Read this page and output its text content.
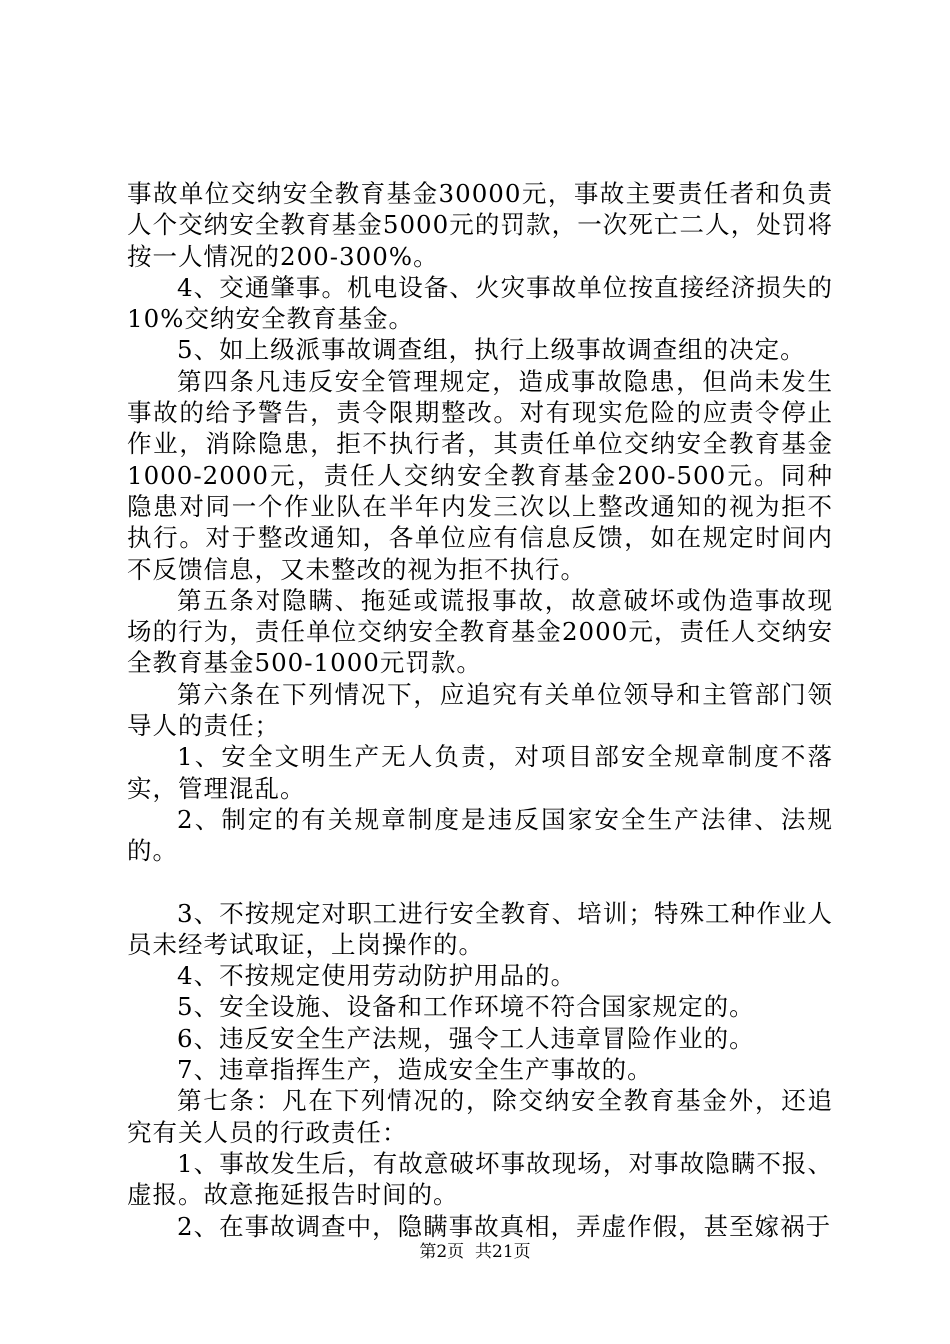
事故单位交纳安全教育基金30000元，事故主要责任者和负责人个交纳安全教育基金5000元的罚款，一次死亡二人，处罚将按一人情况的200-300%。

4、交通肇事。机电设备、火灾事故单位按直接经济损失的10%交纳安全教育基金。

5、如上级派事故调查组，执行上级事故调查组的决定。

第四条凡违反安全管理规定，造成事故隐患，但尚未发生事故的给予警告，责令限期整改。对有现实危险的应责令停止作业，消除隐患，拒不执行者，其责任单位交纳安全教育基金1000-2000元，责任人交纳安全教育基金200-500元。同种隐患对同一个作业队在半年内发三次以上整改通知的视为拒不执行。对于整改通知，各单位应有信息反馈，如在规定时间内不反馈信息，又未整改的视为拒不执行。

第五条对隐瞒、拖延或谎报事故，故意破坏或伪造事故现场的行为，责任单位交纳安全教育基金2000元，责任人交纳安全教育基金500-1000元罚款。

第六条在下列情况下，应追究有关单位领导和主管部门领导人的责任；

1、安全文明生产无人负责，对项目部安全规章制度不落实，管理混乱。

2、制定的有关规章制度是违反国家安全生产法律、法规的。

3、不按规定对职工进行安全教育、培训；特殊工种作业人员未经考试取证，上岗操作的。

4、不按规定使用劳动防护用品的。

5、安全设施、设备和工作环境不符合国家规定的。

6、违反安全生产法规，强令工人违章冒险作业的。

7、违章指挥生产，造成安全生产事故的。

第七条：凡在下列情况的，除交纳安全教育基金外，还追究有关人员的行政责任：

1、事故发生后，有故意破坏事故现场，对事故隐瞒不报、虚报。故意拖延报告时间的。

2、在事故调查中，隐瞒事故真相，弄虚作假，甚至嫁祸于

第2页 共21页
